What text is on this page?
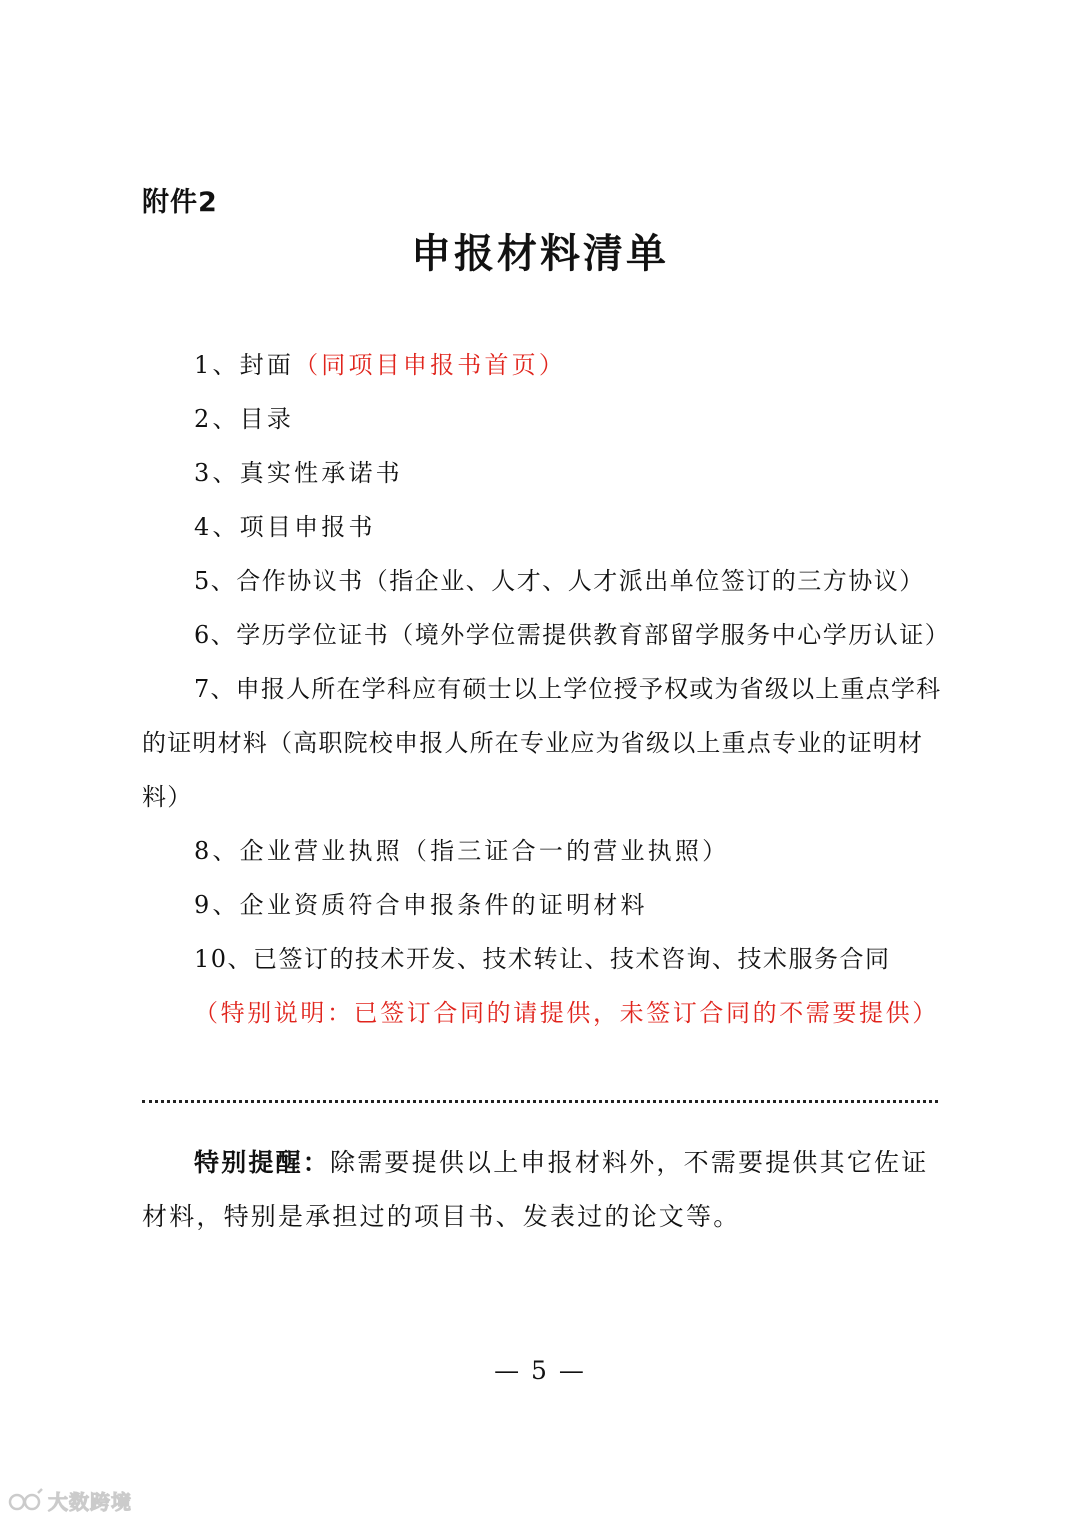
附件2
申报材料清单
1、封面（同项目申报书首页）
2、目录
3、真实性承诺书
4、项目申报书
5、合作协议书（指企业、人才、人才派出单位签订的三方协议）
6、学历学位证书（境外学位需提供教育部留学服务中心学历认证）
7、申报人所在学科应有硕士以上学位授予权或为省级以上重点学科的证明材料（高职院校申报人所在专业应为省级以上重点专业的证明材料）
8、企业营业执照（指三证合一的营业执照）
9、企业资质符合申报条件的证明材料
10、已签订的技术开发、技术转让、技术咨询、技术服务合同
（特别说明：已签订合同的请提供，未签订合同的不需要提供）
特别提醒：除需要提供以上申报材料外，不需要提供其它佐证材料，特别是承担过的项目书、发表过的论文等。
— 5 —
大数跨境
